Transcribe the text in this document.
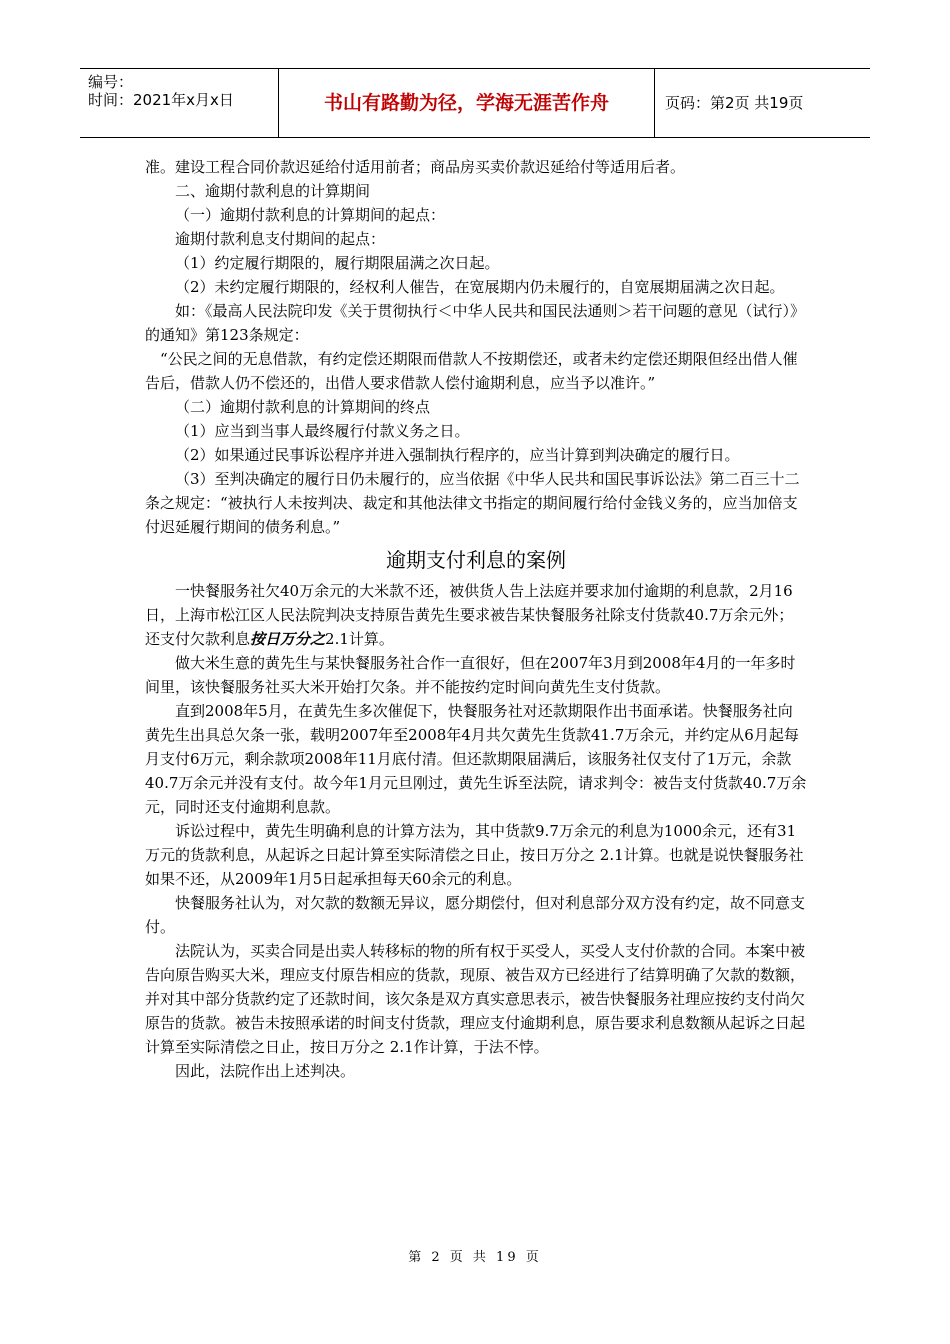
编号：
时间：2021年x月x日	书山有路勤为径，学海无涯苦作舟	页码：第2页 共19页

准。建设工程合同价款迟延给付适用前者；商品房买卖价款迟延给付等适用后者。

二、逾期付款利息的计算期间

（一）逾期付款利息的计算期间的起点：

逾期付款利息支付期间的起点：

（1）约定履行期限的，履行期限届满之次日起。

（2）未约定履行期限的，经权利人催告，在宽展期内仍未履行的，自宽展期届满之次日起。

如：《最高人民法院印发《关于贯彻执行＜中华人民共和国民法通则＞若干问题的意见（试行）》的通知》第123条规定：

“公民之间的无息借款，有约定偿还期限而借款人不按期偿还，或者未约定偿还期限但经出借人催告后，借款人仍不偿还的，出借人要求借款人偿付逾期利息，应当予以准许。”

（二）逾期付款利息的计算期间的终点

（1）应当到当事人最终履行付款义务之日。

（2）如果通过民事诉讼程序并进入强制执行程序的，应当计算到判决确定的履行日。

（3）至判决确定的履行日仍未履行的，应当依据《中华人民共和国民事诉讼法》第二百三十二条之规定：“被执行人未按判决、裁定和其他法律文书指定的期间履行给付金钱义务的，应当加倍支付迟延履行期间的债务利息。”

逾期支付利息的案例

一快餐服务社欠40万余元的大米款不还，被供货人告上法庭并要求加付逾期的利息款，2月16日，上海市松江区人民法院判决支持原告黄先生要求被告某快餐服务社除支付货款40.7万余元外；还支付欠款利息按日万分之2.1计算。

做大米生意的黄先生与某快餐服务社合作一直很好，但在2007年3月到2008年4月的一年多时间里，该快餐服务社买大米开始打欠条。并不能按约定时间向黄先生支付货款。

直到2008年5月，在黄先生多次催促下，快餐服务社对还款期限作出书面承诺。快餐服务社向黄先生出具总欠条一张，载明2007年至2008年4月共欠黄先生货款41.7万余元，并约定从6月起每月支付6万元，剩余款项2008年11月底付清。但还款期限届满后，该服务社仅支付了1万元，余款40.7万余元并没有支付。故今年1月元旦刚过，黄先生诉至法院，请求判令：被告支付货款40.7万余元，同时还支付逾期利息款。

诉讼过程中，黄先生明确利息的计算方法为，其中货款9.7万余元的利息为1000余元，还有31万元的货款利息，从起诉之日起计算至实际清偿之日止，按日万分之 2.1计算。也就是说快餐服务社如果不还，从2009年1月5日起承担每天60余元的利息。

快餐服务社认为，对欠款的数额无异议，愿分期偿付，但对利息部分双方没有约定，故不同意支付。

法院认为，买卖合同是出卖人转移标的物的所有权于买受人，买受人支付价款的合同。本案中被告向原告购买大米，理应支付原告相应的货款，现原、被告双方已经进行了结算明确了欠款的数额，并对其中部分货款约定了还款时间，该欠条是双方真实意思表示，被告快餐服务社理应按约支付尚欠原告的货款。被告未按照承诺的时间支付货款，理应支付逾期利息，原告要求利息数额从起诉之日起计算至实际清偿之日止，按日万分之 2.1作计算，于法不悖。

因此，法院作出上述判决。

第 2 页 共 19 页
